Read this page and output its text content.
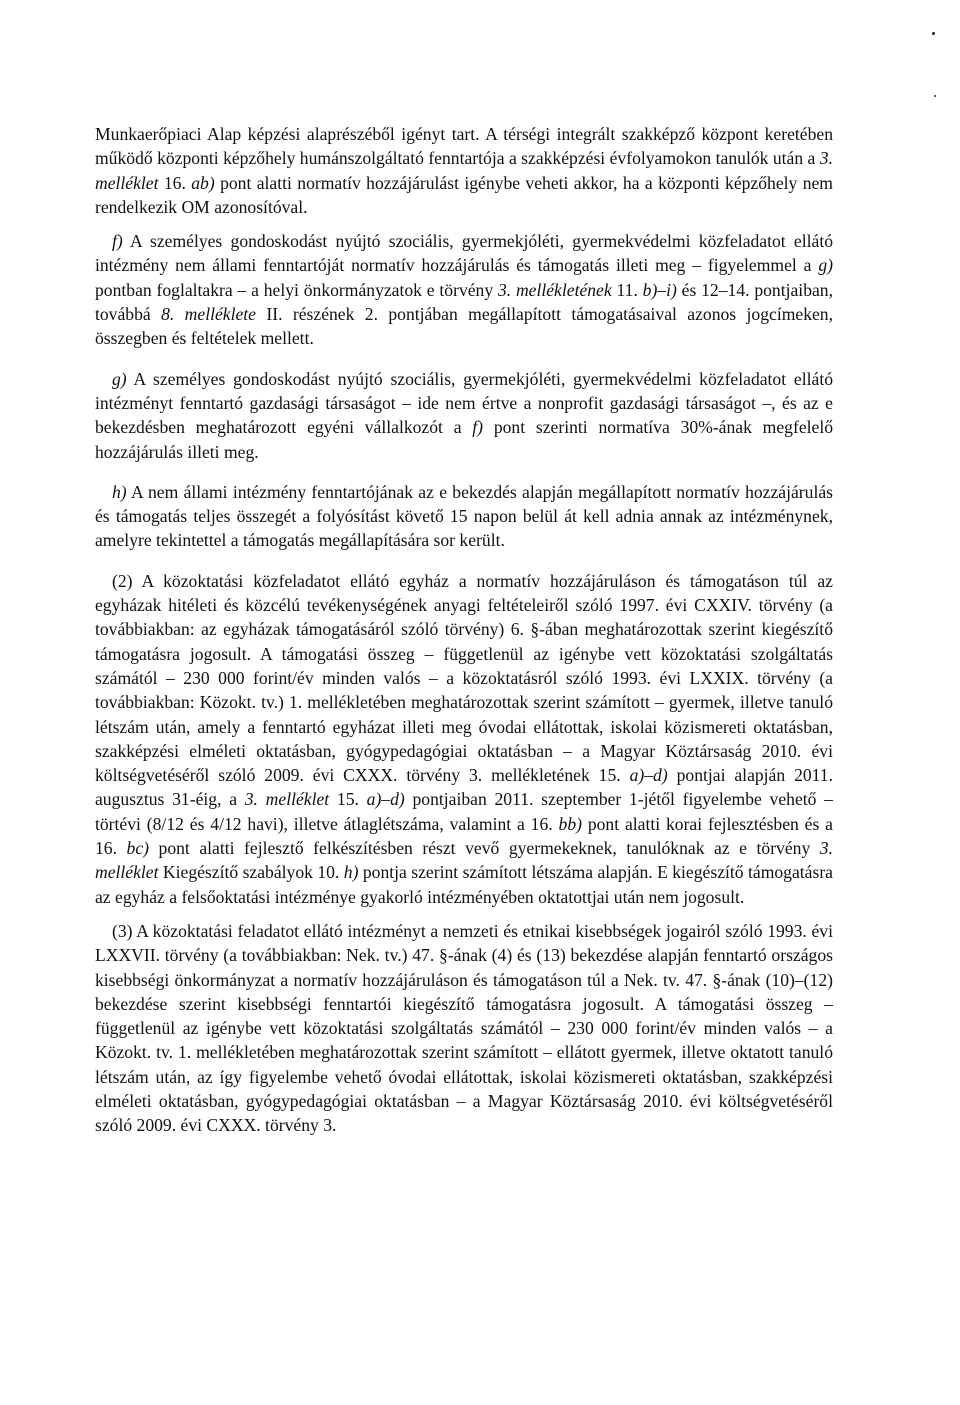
Munkaerőpiaci Alap képzési alaprészéből igényt tart. A térségi integrált szakképző központ keretében működő központi képzőhely humánszolgáltató fenntartója a szakképzési évfolyamokon tanulók után a 3. melléklet 16. ab) pont alatti normatív hozzájárulást igénybe veheti akkor, ha a központi képzőhely nem rendelkezik OM azonosítóval.

f) A személyes gondoskodást nyújtó szociális, gyermekjóléti, gyermekvédelmi közfeladatot ellátó intézmény nem állami fenntartóját normatív hozzájárulás és támogatás illeti meg – figyelemmel a g) pontban foglaltakra – a helyi önkormányzatok e törvény 3. mellékletének 11. b)–i) és 12–14. pontjaiban, továbbá 8. melléklete II. részének 2. pontjában megállapított támogatásaival azonos jogcímeken, összegben és feltételek mellett.

g) A személyes gondoskodást nyújtó szociális, gyermekjóléti, gyermekvédelmi közfeladatot ellátó intézményt fenntartó gazdasági társaságot – ide nem értve a nonprofit gazdasági társaságot –, és az e bekezdésben meghatározott egyéni vállalkozót a f) pont szerinti normatíva 30%-ának megfelelő hozzájárulás illeti meg.

h) A nem állami intézmény fenntartójának az e bekezdés alapján megállapított normatív hozzájárulás és támogatás teljes összegét a folyósítást követő 15 napon belül át kell adnia annak az intézménynek, amelyre tekintettel a támogatás megállapítására sor került.

(2) A közoktatási közfeladatot ellátó egyház a normatív hozzájáruláson és támogatáson túl az egyházak hitéleti és közcélú tevékenységének anyagi feltételeiről szóló 1997. évi CXXIV. törvény (a továbbiakban: az egyházak támogatásáról szóló törvény) 6. §-ában meghatározottak szerint kiegészítő támogatásra jogosult. A támogatási összeg – függetlenül az igénybe vett közoktatási szolgáltatás számától – 230 000 forint/év minden valós – a közoktatásról szóló 1993. évi LXXIX. törvény (a továbbiakban: Közokt. tv.) 1. mellékletében meghatározottak szerint számított – gyermek, illetve tanuló létszám után, amely a fenntartó egyházat illeti meg óvodai ellátottak, iskolai közismereti oktatásban, szakképzési elméleti oktatásban, gyógypedagógiai oktatásban – a Magyar Köztársaság 2010. évi költségvetéséről szóló 2009. évi CXXX. törvény 3. mellékletének 15. a)–d) pontjai alapján 2011. augusztus 31-éig, a 3. melléklet 15. a)–d) pontjaiban 2011. szeptember 1-jétől figyelembe vehető – törtévi (8/12 és 4/12 havi), illetve átlaglétszáma, valamint a 16. bb) pont alatti korai fejlesztésben és a 16. bc) pont alatti fejlesztő felkészítésben részt vevő gyermekeknek, tanulóknak az e törvény 3. melléklet Kiegészítő szabályok 10. h) pontja szerint számított létszáma alapján. E kiegészítő támogatásra az egyház a felsőoktatási intézménye gyakorló intézményében oktatottjai után nem jogosult.

(3) A közoktatási feladatot ellátó intézményt a nemzeti és etnikai kisebbségek jogairól szóló 1993. évi LXXVII. törvény (a továbbiakban: Nek. tv.) 47. §-ának (4) és (13) bekezdése alapján fenntartó országos kisebbségi önkormányzat a normatív hozzájáruláson és támogatáson túl a Nek. tv. 47. §-ának (10)–(12) bekezdése szerint kisebbségi fenntartói kiegészítő támogatásra jogosult. A támogatási összeg – függetlenül az igénybe vett közoktatási szolgáltatás számától – 230 000 forint/év minden valós – a Közokt. tv. 1. mellékletében meghatározottak szerint számított – ellátott gyermek, illetve oktatott tanuló létszám után, az így figyelembe vehető óvodai ellátottak, iskolai közismereti oktatásban, szakképzési elméleti oktatásban, gyógypedagógiai oktatásban – a Magyar Köztársaság 2010. évi költségvetéséről szóló 2009. évi CXXX. törvény 3.
